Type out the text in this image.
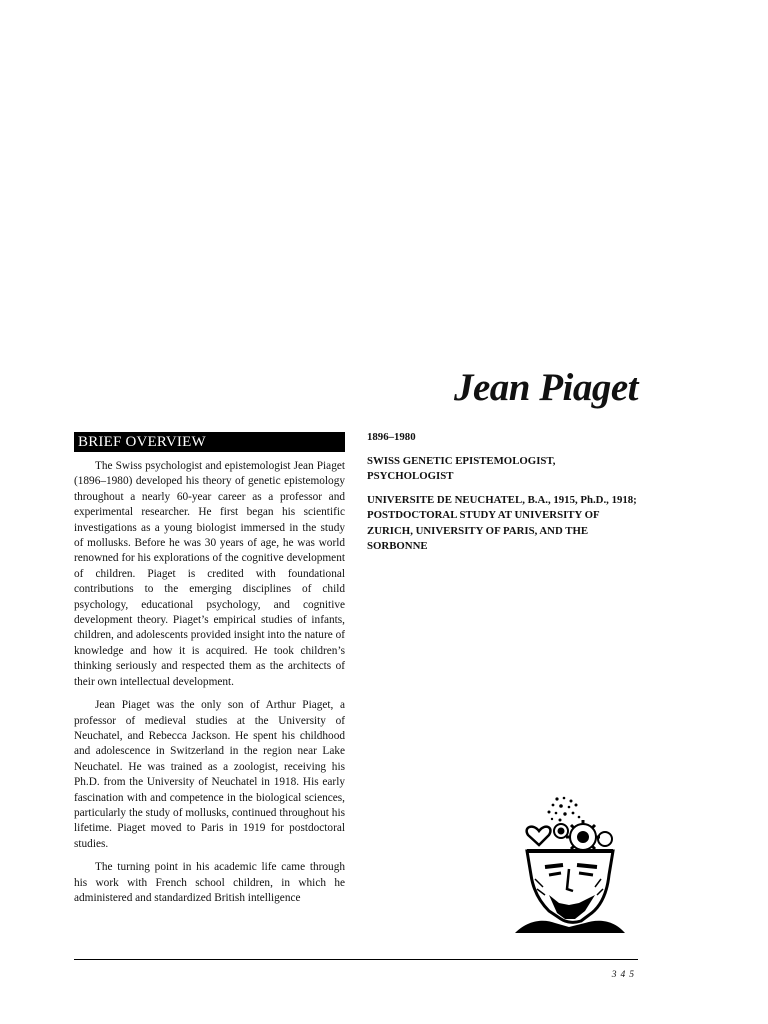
Jean Piaget
BRIEF OVERVIEW

The Swiss psychologist and epistemologist Jean Piaget (1896–1980) developed his theory of genetic epistemology throughout a nearly 60-year career as a professor and experimental researcher. He first began his scientific investigations as a young biologist immersed in the study of mollusks. Before he was 30 years of age, he was world renowned for his explorations of the cognitive development of children. Piaget is credited with foundational contributions to the emerging disciplines of child psychology, educational psychology, and cognitive development theory. Piaget’s empirical studies of infants, children, and adolescents provided insight into the nature of knowledge and how it is acquired. He took children’s thinking seriously and respected them as the architects of their own intellectual development.

Jean Piaget was the only son of Arthur Piaget, a professor of medieval studies at the University of Neuchatel, and Rebecca Jackson. He spent his childhood and adolescence in Switzerland in the region near Lake Neuchatel. He was trained as a zoologist, receiving his Ph.D. from the University of Neuchatel in 1918. His early fascination with and competence in the biological sciences, particularly the study of mollusks, continued throughout his lifetime. Piaget moved to Paris in 1919 for postdoctoral studies.

The turning point in his academic life came through his work with French school children, in which he administered and standardized British intelligence

1896–1980

SWISS GENETIC EPISTEMOLOGIST, PSYCHOLOGIST

UNIVERSITE DE NEUCHATEL, B.A., 1915, Ph.D., 1918; POSTDOCTORAL STUDY AT UNIVERSITY OF ZURICH, UNIVERSITY OF PARIS, AND THE SORBONNE

345
